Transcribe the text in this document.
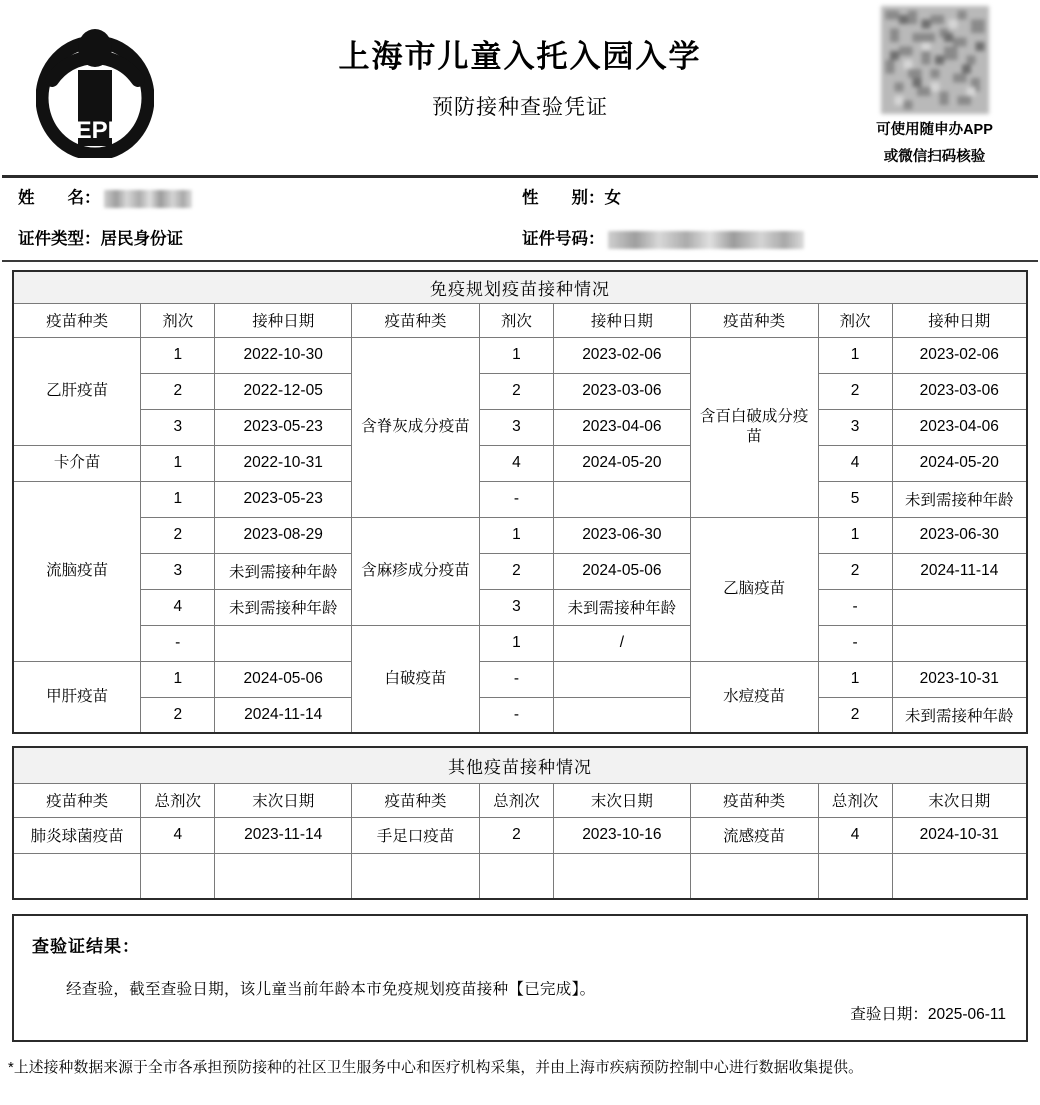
EPI
上海市儿童入托入园入学
预防接种查验凭证
可使用随申办APP
或微信扫码核验
姓　　名：	性　　别： 女
证件类型： 居民身份证	证件号码：
免疫规划疫苗接种情况								
疫苗种类	剂次	接种日期	疫苗种类	剂次	接种日期	疫苗种类	剂次	接种日期
乙肝疫苗	1	2022-10-30	含脊灰成分疫苗	1	2023-02-06	含百白破成分疫苗	1	2023-02-06
	2	2022-12-05		2	2023-03-06		2	2023-03-06
	3	2023-05-23		3	2023-04-06		3	2023-04-06
卡介苗	1	2022-10-31		4	2024-05-20		4	2024-05-20
流脑疫苗	1	2023-05-23		-			5	未到需接种年龄
	2	2023-08-29	含麻疹成分疫苗	1	2023-06-30	乙脑疫苗	1	2023-06-30
	3	未到需接种年龄		2	2024-05-06		2	2024-11-14
	4	未到需接种年龄		3	未到需接种年龄		-	
	-		白破疫苗	1	/		-	
甲肝疫苗	1	2024-05-06		-		水痘疫苗	1	2023-10-31
	2	2024-11-14		-			2	未到需接种年龄
其他疫苗接种情况								
疫苗种类	总剂次	末次日期	疫苗种类	总剂次	末次日期	疫苗种类	总剂次	末次日期
肺炎球菌疫苗	4	2023-11-14	手足口疫苗	2	2023-10-16	流感疫苗	4	2024-10-31

查验证结果：
经查验，截至查验日期，该儿童当前年龄本市免疫规划疫苗接种【已完成】。
查验日期：2025-06-11
*上述接种数据来源于全市各承担预防接种的社区卫生服务中心和医疗机构采集，并由上海市疾病预防控制中心进行数据收集提供。
